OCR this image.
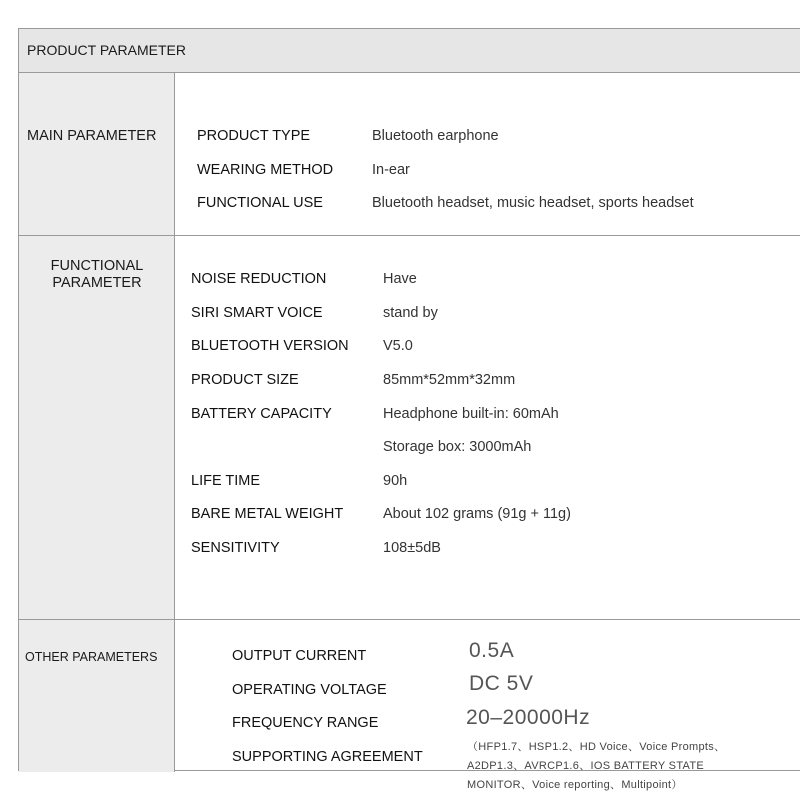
PRODUCT PARAMETER
MAIN PARAMETER	PRODUCT TYPE	Bluetooth earphone
WEARING METHOD	In-ear
FUNCTIONAL USE	Bluetooth headset, music headset, sports headset
FUNCTIONAL
PARAMETER	NOISE REDUCTION	Have
SIRI SMART VOICE	stand by
BLUETOOTH VERSION V5.0
PRODUCT SIZE	85mm*52mm*32mm
BATTERY CAPACITY	Headphone built-in: 60mAh
Storage box: 3000mAh
LIFE TIME	90h
BARE METAL WEIGHT	About 102 grams (91g + 11g)
SENSITIVITY	108±5dB
OTHER PARAMETERS	OUTPUT CURRENT	0.5A
OPERATING VOLTAGE	DC 5V
FREQUENCY RANGE	20–20000Hz
SUPPORTING AGREEMENT
（HFP1.7、HSP1.2、HD Voice、Voice Prompts、A2DP1.3、AVRCP1.6、IOS BATTERY STATE MONITOR、Voice reporting、Multipoint）
